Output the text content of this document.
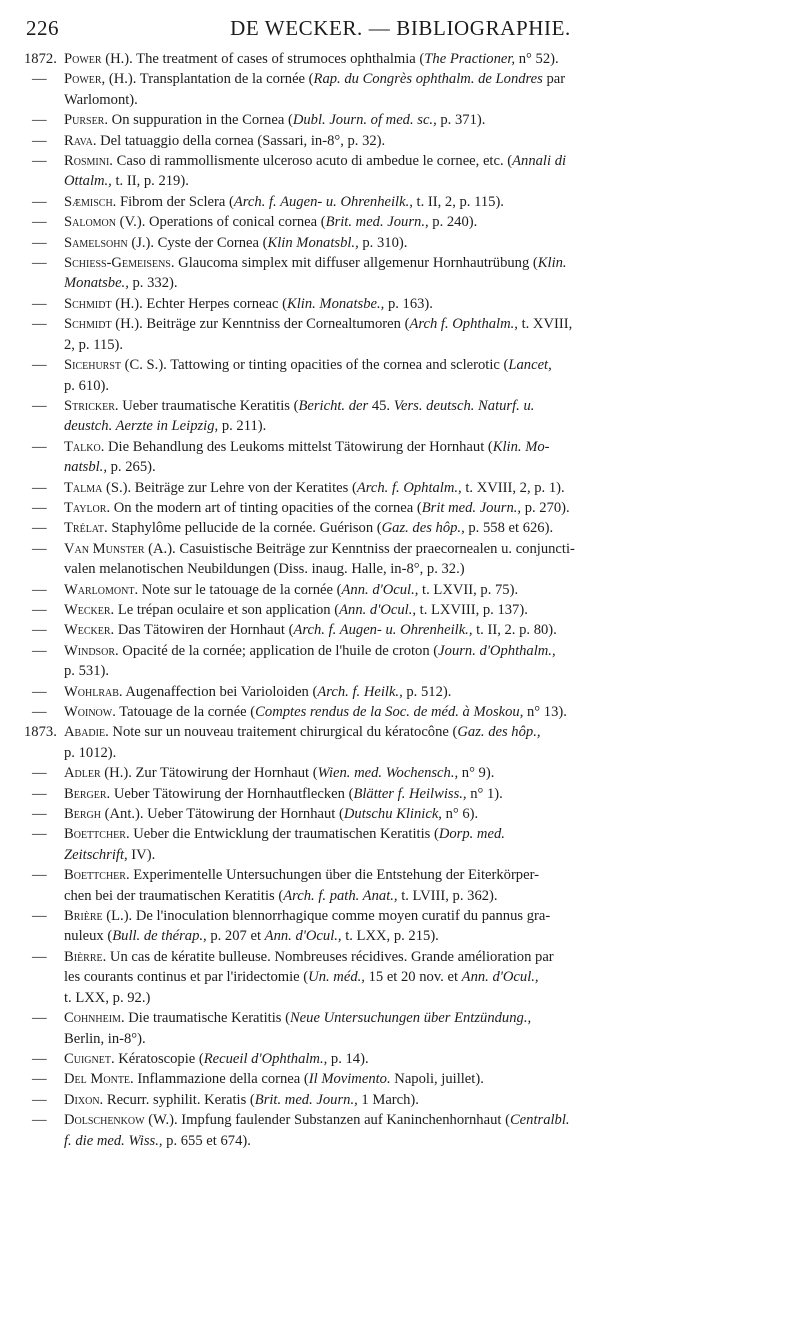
226	DE WECKER. — BIBLIOGRAPHIE.
1872. Power (H.). The treatment of cases of strumoces ophthalmia (The Practioner, n° 52).
— Power, (H.). Transplantation de la cornée (Rap. du Congrès ophthalm. de Londres par
Warlomont).
— Purser. On suppuration in the Cornea (Dubl. Journ. of med. sc., p. 371).
— Rava. Del tatuaggio della cornea (Sassari, in-8°, p. 32).
— Rosmini. Caso di rammollismente ulceroso acuto di ambedue le cornee, etc. (Annali di
Ottalm., t. II, p. 219).
— Sæmisch. Fibrom der Sclera (Arch. f. Augen- u. Ohrenheilk., t. II, 2, p. 115).
— Salomon (V.). Operations of conical cornea (Brit. med. Journ., p. 240).
— Samelsohn (J.). Cyste der Cornea (Klin Monatsbl., p. 310).
— Schiess-Gemeisens. Glaucoma simplex mit diffuser allgemenur Hornhautrübung (Klin.
Monatsbe., p. 332).
— Schmidt (H.). Echter Herpes corneac (Klin. Monatsbe., p. 163).
— Schmidt (H.). Beiträge zur Kenntniss der Cornealtumoren (Arch f. Ophthalm., t. XVIII,
2, p. 115).
— Sicehurst (C. S.). Tattowing or tinting opacities of the cornea and sclerotic (Lancet,
p. 610).
— Stricker. Ueber traumatische Keratitis (Bericht. der 45. Vers. deutsch. Naturf. u.
deustch. Aerzte in Leipzig, p. 211).
— Talko. Die Behandlung des Leukoms mittelst Tätowirung der Hornhaut (Klin. Mo-
natsbl., p. 265).
— Talma (S.). Beiträge zur Lehre von der Keratites (Arch. f. Ophtalm., t. XVIII, 2, p. 1).
— Taylor. On the modern art of tinting opacities of the cornea (Brit med. Journ., p. 270).
— Trélat. Staphylôme pellucide de la cornée. Guérison (Gaz. des hôp., p. 558 et 626).
— Van Munster (A.). Casuistische Beiträge zur Kenntniss der praecornealen u. conjuncti-
valen melanotischen Neubildungen (Diss. inaug. Halle, in-8°, p. 32.)
— Warlomont. Note sur le tatouage de la cornée (Ann. d'Ocul., t. LXVII, p. 75).
— Wecker. Le trépan oculaire et son application (Ann. d'Ocul., t. LXVIII, p. 137).
— Wecker. Das Tätowiren der Hornhaut (Arch. f. Augen- u. Ohrenheilk., t. II, 2. p. 80).
— Windsor. Opacité de la cornée; application de l'huile de croton (Journ. d'Ophthalm.,
p. 531).
— Wohlrab. Augenaffection bei Varioloiden (Arch. f. Heilk., p. 512).
— Woinow. Tatouage de la cornée (Comptes rendus de la Soc. de méd. à Moskou, n° 13).
1873. Abadie. Note sur un nouveau traitement chirurgical du kératocône (Gaz. des hôp.,
p. 1012).
— Adler (H.). Zur Tätowirung der Hornhaut (Wien. med. Wochensch., n° 9).
— Berger. Ueber Tätowirung der Hornhautflecken (Blätter f. Heilwiss., n° 1).
— Bergh (Ant.). Ueber Tätowirung der Hornhaut (Dutschu Klinick, n° 6).
— Boettcher. Ueber die Entwicklung der traumatischen Keratitis (Dorp. med.
Zeitschrift, IV).
— Boettcher. Experimentelle Untersuchungen über die Entstehung der Eiterkörper-
chen bei der traumatischen Keratitis (Arch. f. path. Anat., t. LVIII, p. 362).
— Brière (L.). De l'inoculation blennorrhagique comme moyen curatif du pannus gra-
nuleux (Bull. de thérap., p. 207 et Ann. d'Ocul., t. LXX, p. 215).
— Bièrre. Un cas de kératite bulleuse. Nombreuses récidives. Grande amélioration par
les courants continus et par l'iridectomie (Un. méd., 15 et 20 nov. et Ann. d'Ocul.,
t. LXX, p. 92.)
— Cohnheim. Die traumatische Keratitis (Neue Untersuchungen über Entzündung.,
Berlin, in-8°).
— Cuignet. Kératoscopie (Recueil d'Ophthalm., p. 14).
— Del Monte. Inflammazione della cornea (Il Movimento. Napoli, juillet).
— Dixon. Recurr. syphilit. Keratis (Brit. med. Journ., 1 March).
— Dolschenkow (W.). Impfung faulender Substanzen auf Kaninchenhornhaut (Centralbl.
f. die med. Wiss., p. 655 et 674).
